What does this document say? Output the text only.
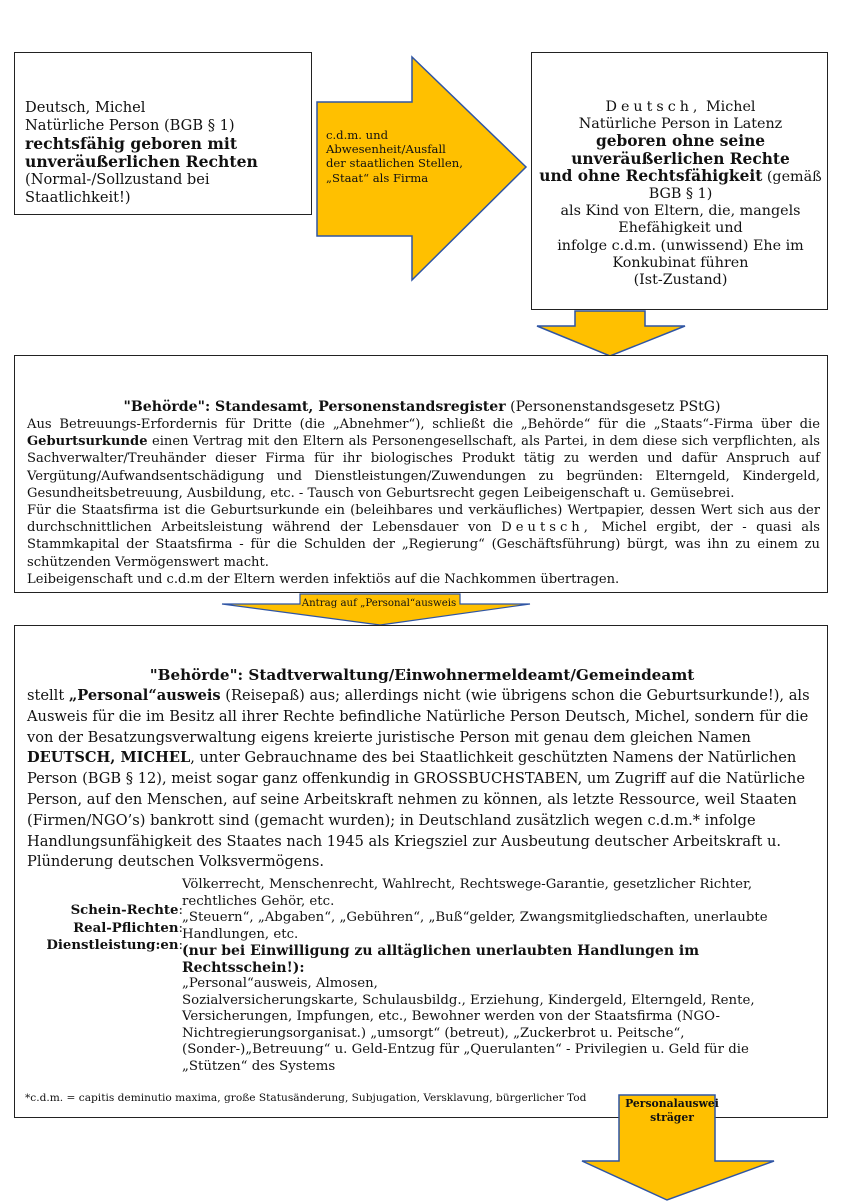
c.d.m. und
Abwesenheit/Ausfall
der staatlichen Stellen,
„Staat“ als Firma
Deutsch, Michel
Natürliche Person (BGB § 1)
rechtsfähig geboren mit
unveräußerlichen Rechten
(Normal-/Sollzustand bei
Staatlichkeit!)
Deutsch, Michel
Natürliche Person in Latenz
geboren ohne seine
unveräußerlichen Rechte
und ohne Rechtsfähigkeit (gemäß
BGB § 1)
als Kind von Eltern, die, mangels
Ehefähigkeit und
infolge c.d.m. (unwissend) Ehe im
Konkubinat führen
(Ist-Zustand)
"Behörde": Standesamt, Personenstandsregister (Personenstandsgesetz PStG)
Aus Betreuungs-Erfordernis für Dritte (die „Abnehmer“), schließt die „Behörde“ für die „Staats“-Firma über die Geburtsurkunde einen Vertrag mit den Eltern als Personengesellschaft, als Partei, in dem diese sich verpflichten, als Sachverwalter/Treuhänder dieser Firma für ihr biologisches Produkt tätig zu werden und dafür Anspruch auf Vergütung/Aufwandsentschädigung und Dienstleistungen/Zuwendungen zu begründen: Elterngeld, Kindergeld, Gesundheitsbetreuung, Ausbildung, etc. - Tausch von Geburtsrecht gegen Leibeigenschaft u. Gemüsebrei.
Für die Staatsfirma ist die Geburtsurkunde ein (beleihbares und verkäufliches) Wertpapier, dessen Wert sich aus der durchschnittlichen Arbeitsleistung während der Lebensdauer von Deutsch, Michel ergibt, der - quasi als Stammkapital der Staatsfirma - für die Schulden der „Regierung“ (Geschäftsführung) bürgt, was ihn zu einem zu schützenden Vermögenswert macht.
Leibeigenschaft und c.d.m der Eltern werden infektiös auf die Nachkommen übertragen.
Antrag auf „Personal“ausweis
"Behörde": Stadtverwaltung/Einwohnermeldeamt/Gemeindeamt
stellt „Personal“ausweis (Reisepaß) aus; allerdings nicht (wie übrigens schon die Geburtsurkunde!), als Ausweis für die im Besitz all ihrer Rechte befindliche Natürliche Person Deutsch, Michel, sondern für die von der Besatzungsverwaltung eigens kreierte juristische Person mit genau dem gleichen Namen DEUTSCH, MICHEL, unter Gebrauchname des bei Staatlichkeit geschützten Namens der Natürlichen Person (BGB § 12), meist sogar ganz offenkundig in GROSSBUCHSTABEN, um Zugriff auf die Natürliche Person, auf den Menschen, auf seine Arbeitskraft nehmen zu können, als letzte Ressource, weil Staaten (Firmen/NGO’s) bankrott sind (gemacht wurden); in Deutschland zusätzlich wegen c.d.m.* infolge Handlungsunfähigkeit des Staates nach 1945 als Kriegsziel zur Ausbeutung deutscher Arbeitskraft u. Plünderung deutschen Volksvermögens.
Schein-Rechte:
Real-Pflichten:
Dienstleistung:en:
Völkerrecht, Menschenrecht, Wahlrecht, Rechtswege-Garantie, gesetzlicher Richter, rechtliches Gehör, etc.
„Steuern“, „Abgaben“, „Gebühren“, „Buß“gelder, Zwangsmitgliedschaften, unerlaubte Handlungen, etc.
(nur bei Einwilligung zu alltäglichen unerlaubten Handlungen im Rechtsschein!):
„Personal“ausweis, Almosen,
Sozialversicherungskarte, Schulausbildg., Erziehung, Kindergeld, Elterngeld, Rente, Versicherungen, Impfungen, etc., Bewohner werden von der Staatsfirma (NGO-Nichtregierungsorganisat.) „umsorgt“ (betreut), „Zuckerbrot u. Peitsche“,
(Sonder-)„Betreuung“ u. Geld-Entzug für „Querulanten“ - Privilegien u. Geld für die „Stützen“ des Systems
*c.d.m. = capitis deminutio maxima, große Statusänderung, Subjugation, Versklavung, bürgerlicher Tod	Personalauswei
sträger
